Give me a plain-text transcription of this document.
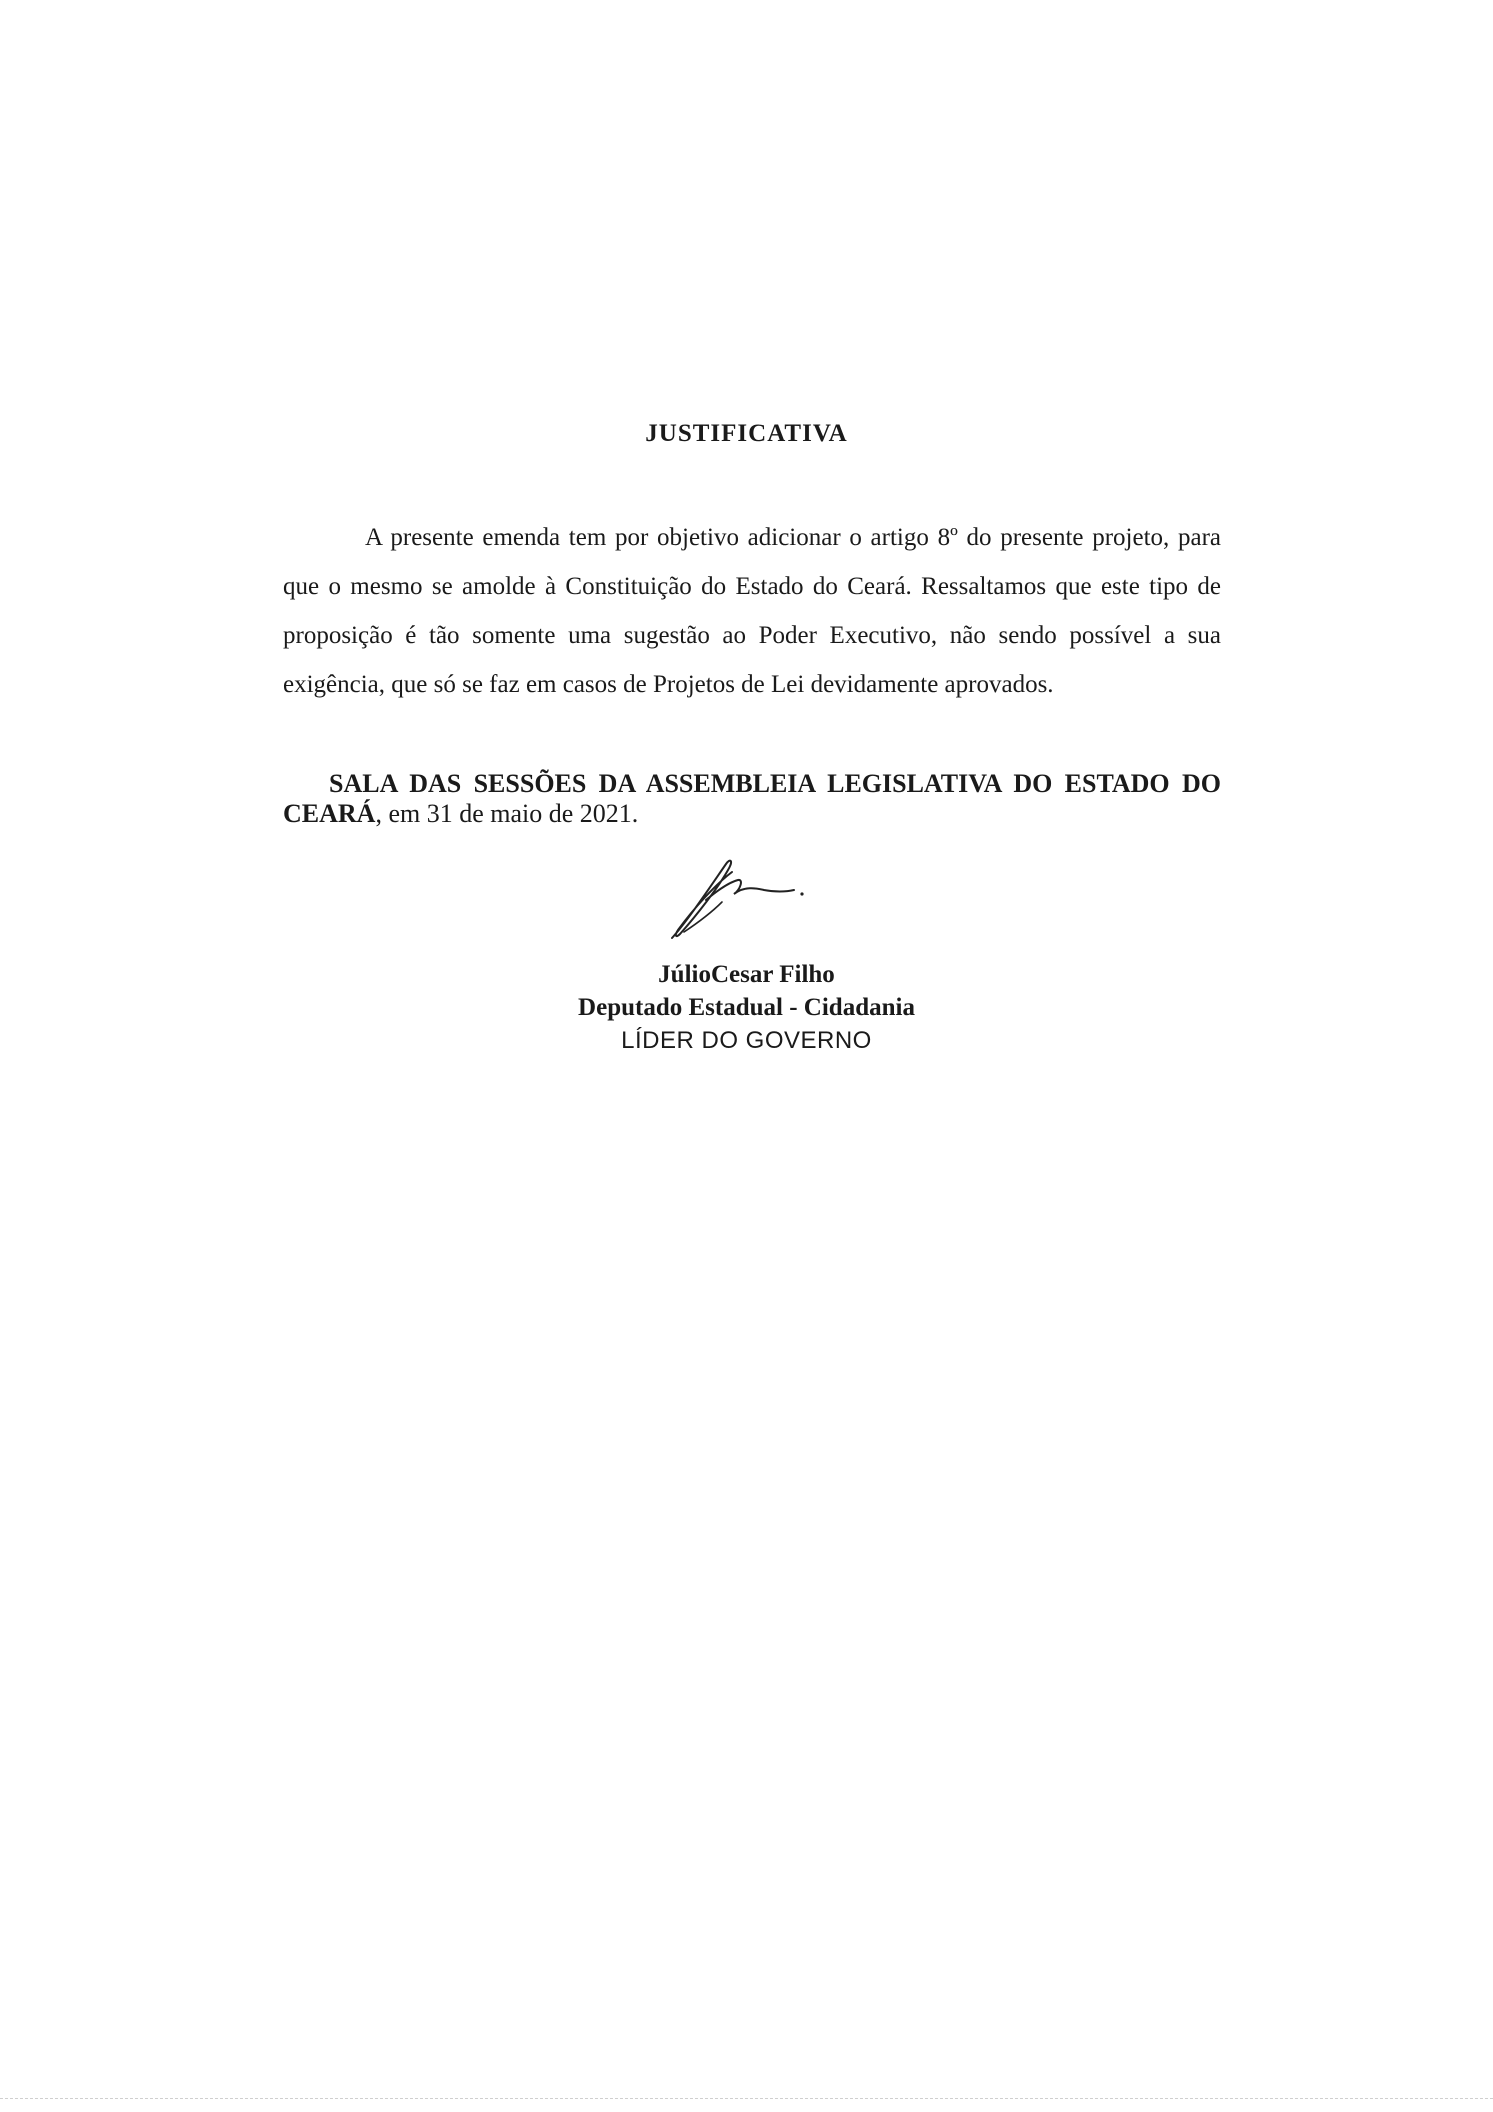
JUSTIFICATIVA
A presente emenda tem por objetivo adicionar o artigo 8º do presente projeto, para que o mesmo se amolde à Constituição do Estado do Ceará. Ressaltamos que este tipo de proposição é tão somente uma sugestão ao Poder Executivo, não sendo possível a sua exigência, que só se faz em casos de Projetos de Lei devidamente aprovados.
SALA DAS SESSÕES DA ASSEMBLEIA LEGISLATIVA DO ESTADO DO CEARÁ, em 31 de maio de 2021.
JúlioCesar Filho
Deputado Estadual - Cidadania
LÍDER DO GOVERNO
